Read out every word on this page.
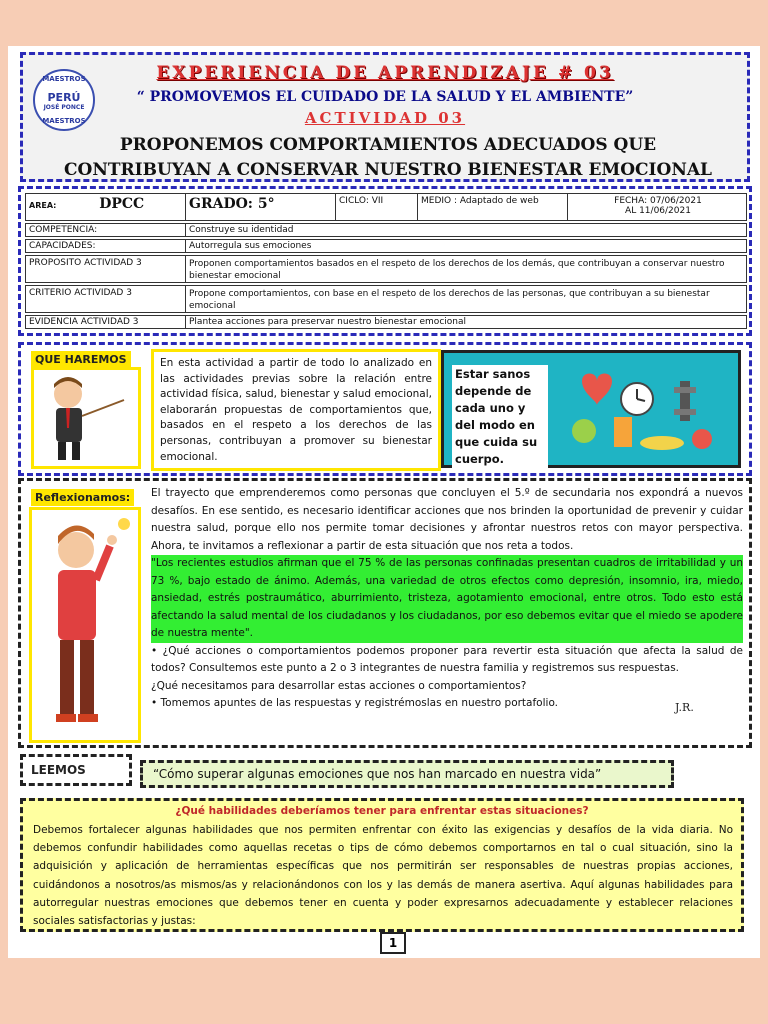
MAESTROS
PERÚ
JOSÉ PONCE
MAESTROS
EXPERIENCIA DE APRENDIZAJE # 03
“ PROMOVEMOS EL CUIDADO DE LA SALUD Y EL AMBIENTE”
ACTIVIDAD 03
PROPONEMOS COMPORTAMIENTOS ADECUADOS QUE CONTRIBUYAN A CONSERVAR NUESTRO BIENESTAR EMOCIONAL
AREA:	DPCC	GRADO: 5°	CICLO: VII	MEDIO : Adaptado de web	FECHA: 07/06/2021
AL 11/06/2021
COMPETENCIA:	Construye su identidad
CAPACIDADES:	Autorregula sus emociones
PROPOSITO ACTIVIDAD 3	Proponen comportamientos basados en el respeto de los derechos de los demás, que contribuyan a conservar nuestro bienestar emocional
CRITERIO ACTIVIDAD 3	Propone comportamientos, con base en el respeto de los derechos de las personas, que contribuyan a su bienestar emocional
EVIDENCIA ACTIVIDAD 3	Plantea acciones para preservar nuestro bienestar emocional
QUE HAREMOS	En esta actividad a partir de todo lo analizado en las actividades previas sobre la relación entre actividad física, salud, bienestar y salud emocional, elaborarán propuestas de comportamientos que, basados en el respeto a los derechos de las personas, contribuyan a promover su bienestar emocional.
Estar sanos depende de cada uno y del modo en que cuida su cuerpo.
Reflexionamos:	El trayecto que emprenderemos como personas que concluyen el 5.º de secundaria nos expondrá a nuevos desafíos. En ese sentido, es necesario identificar acciones que nos brinden la oportunidad de prevenir y cuidar nuestra salud, porque ello nos permite tomar decisiones y afrontar nuestros retos con mayor perspectiva. Ahora, te invitamos a reflexionar a partir de esta situación que nos reta a todos.
"Los recientes estudios afirman que el 75 % de las personas confinadas presentan cuadros de irritabilidad y un 73 %, bajo estado de ánimo. Además, una variedad de otros efectos como depresión, insomnio, ira, miedo, ansiedad, estrés postraumático, aburrimiento, tristeza, agotamiento emocional, entre otros. Todo esto está afectando la salud mental de los ciudadanos y los ciudadanos, por eso debemos evitar que el miedo se apodere de nuestra mente".
• ¿Qué acciones o comportamientos podemos proponer para revertir esta situación que afecta la salud de todos? Consultemos este punto a 2 o 3 integrantes de nuestra familia y registremos sus respuestas.
¿Qué necesitamos para desarrollar estas acciones o comportamientos?
• Tomemos apuntes de las respuestas y registrémoslas en nuestro portafolio.	J.R.
LEEMOS	“Cómo superar algunas emociones que nos han marcado en nuestra vida”
¿Qué habilidades deberíamos tener para enfrentar estas situaciones?
Debemos fortalecer algunas habilidades que nos permiten enfrentar con éxito las exigencias y desafíos de la vida diaria. No debemos confundir habilidades como aquellas recetas o tips de cómo debemos comportarnos en tal o cual situación, sino la adquisición y aplicación de herramientas específicas que nos permitirán ser responsables de nuestras propias acciones, cuidándonos a nosotros/as mismos/as y relacionándonos con los y las demás de manera asertiva. Aquí algunas habilidades para autorregular nuestras emociones que debemos tener en cuenta y poder expresarnos adecuadamente y establecer relaciones sociales satisfactorias y justas:
1
